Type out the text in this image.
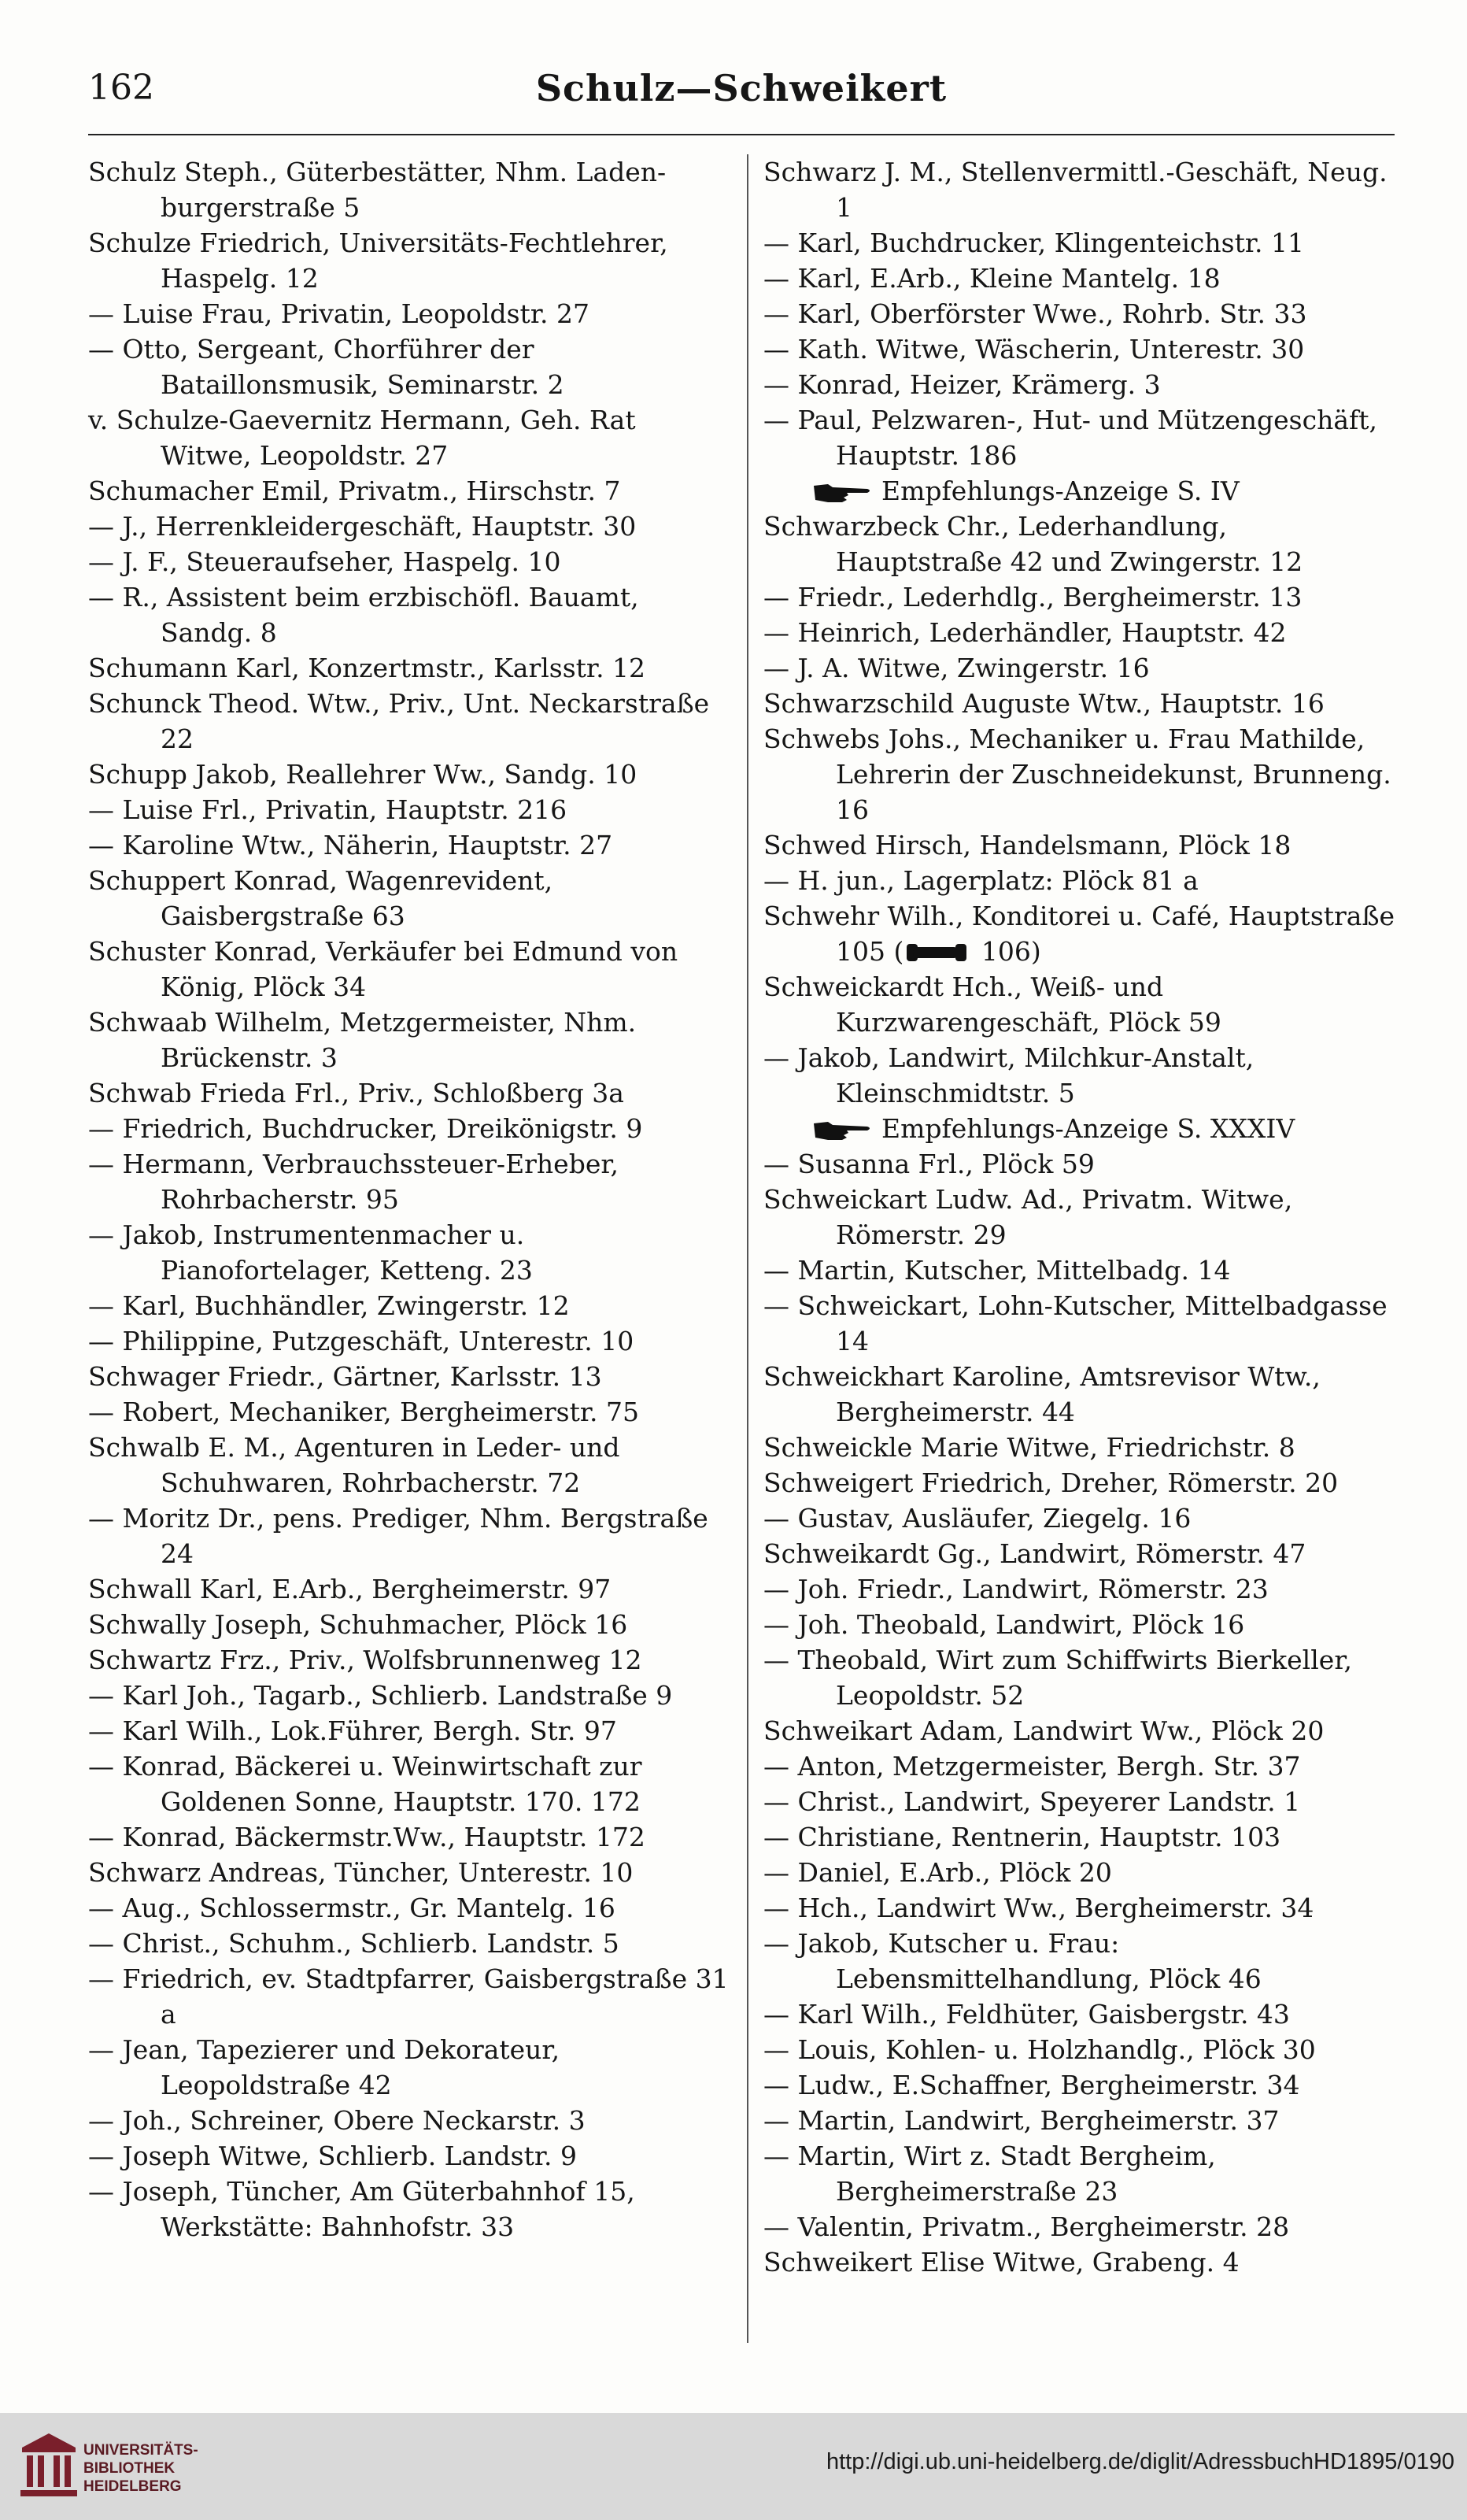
162	Schulz—Schweikert
Schulz Steph., Güterbestätter, Nhm. Laden-burgerstraße 5
Schulze Friedrich, Universitäts-Fechtlehrer, Haspelg. 12
— Luise Frau, Privatin, Leopoldstr. 27
— Otto, Sergeant, Chorführer der Bataillonsmusik, Seminarstr. 2
v. Schulze-Gaevernitz Hermann, Geh. Rat Witwe, Leopoldstr. 27
Schumacher Emil, Privatm., Hirschstr. 7
— J., Herrenkleidergeschäft, Hauptstr. 30
— J. F., Steueraufseher, Haspelg. 10
— R., Assistent beim erzbischöfl. Bauamt, Sandg. 8
Schumann Karl, Konzertmstr., Karlsstr. 12
Schunck Theod. Wtw., Priv., Unt. Neckarstraße 22
Schupp Jakob, Reallehrer Ww., Sandg. 10
— Luise Frl., Privatin, Hauptstr. 216
— Karoline Wtw., Näherin, Hauptstr. 27
Schuppert Konrad, Wagenrevident, Gaisbergstraße 63
Schuster Konrad, Verkäufer bei Edmund von König, Plöck 34
Schwaab Wilhelm, Metzgermeister, Nhm. Brückenstr. 3
Schwab Frieda Frl., Priv., Schloßberg 3a
— Friedrich, Buchdrucker, Dreikönigstr. 9
— Hermann, Verbrauchssteuer-Erheber, Rohrbacherstr. 95
— Jakob, Instrumentenmacher u. Pianofortelager, Ketteng. 23
— Karl, Buchhändler, Zwingerstr. 12
— Philippine, Putzgeschäft, Unterestr. 10
Schwager Friedr., Gärtner, Karlsstr. 13
— Robert, Mechaniker, Bergheimerstr. 75
Schwalb E. M., Agenturen in Leder- und Schuhwaren, Rohrbacherstr. 72
— Moritz Dr., pens. Prediger, Nhm. Bergstraße 24
Schwall Karl, E.Arb., Bergheimerstr. 97
Schwally Joseph, Schuhmacher, Plöck 16
Schwartz Frz., Priv., Wolfsbrunnenweg 12
— Karl Joh., Tagarb., Schlierb. Landstraße 9
— Karl Wilh., Lok.Führer, Bergh. Str. 97
— Konrad, Bäckerei u. Weinwirtschaft zur Goldenen Sonne, Hauptstr. 170. 172
— Konrad, Bäckermstr.Ww., Hauptstr. 172
Schwarz Andreas, Tüncher, Unterestr. 10
— Aug., Schlossermstr., Gr. Mantelg. 16
— Christ., Schuhm., Schlierb. Landstr. 5
— Friedrich, ev. Stadtpfarrer, Gaisbergstraße 31 a
— Jean, Tapezierer und Dekorateur, Leopoldstraße 42
— Joh., Schreiner, Obere Neckarstr. 3
— Joseph Witwe, Schlierb. Landstr. 9
— Joseph, Tüncher, Am Güterbahnhof 15, Werkstätte: Bahnhofstr. 33
Schwarz J. M., Stellenvermittl.-Geschäft, Neug. 1
— Karl, Buchdrucker, Klingenteichstr. 11
— Karl, E.Arb., Kleine Mantelg. 18
— Karl, Oberförster Wwe., Rohrb. Str. 33
— Kath. Witwe, Wäscherin, Unterestr. 30
— Konrad, Heizer, Krämerg. 3
— Paul, Pelzwaren-, Hut- und Mützengeschäft, Hauptstr. 186
Empfehlungs-Anzeige S. IV
Schwarzbeck Chr., Lederhandlung, Hauptstraße 42 und Zwingerstr. 12
— Friedr., Lederhdlg., Bergheimerstr. 13
— Heinrich, Lederhändler, Hauptstr. 42
— J. A. Witwe, Zwingerstr. 16
Schwarzschild Auguste Wtw., Hauptstr. 16
Schwebs Johs., Mechaniker u. Frau Mathilde, Lehrerin der Zuschneidekunst, Brunneng. 16
Schwed Hirsch, Handelsmann, Plöck 18
— H. jun., Lagerplatz: Plöck 81 a
Schwehr Wilh., Konditorei u. Café, Hauptstraße 105 (	106)
Schweickardt Hch., Weiß- und Kurzwarengeschäft, Plöck 59
— Jakob, Landwirt, Milchkur-Anstalt, Kleinschmidtstr. 5
Empfehlungs-Anzeige S. XXXIV
— Susanna Frl., Plöck 59
Schweickart Ludw. Ad., Privatm. Witwe, Römerstr. 29
— Martin, Kutscher, Mittelbadg. 14
— Schweickart, Lohn-Kutscher, Mittelbadgasse 14
Schweickhart Karoline, Amtsrevisor Wtw., Bergheimerstr. 44
Schweickle Marie Witwe, Friedrichstr. 8
Schweigert Friedrich, Dreher, Römerstr. 20
— Gustav, Ausläufer, Ziegelg. 16
Schweikardt Gg., Landwirt, Römerstr. 47
— Joh. Friedr., Landwirt, Römerstr. 23
— Joh. Theobald, Landwirt, Plöck 16
— Theobald, Wirt zum Schiffwirts Bierkeller, Leopoldstr. 52
Schweikart Adam, Landwirt Ww., Plöck 20
— Anton, Metzgermeister, Bergh. Str. 37
— Christ., Landwirt, Speyerer Landstr. 1
— Christiane, Rentnerin, Hauptstr. 103
— Daniel, E.Arb., Plöck 20
— Hch., Landwirt Ww., Bergheimerstr. 34
— Jakob, Kutscher u. Frau: Lebensmittelhandlung, Plöck 46
— Karl Wilh., Feldhüter, Gaisbergstr. 43
— Louis, Kohlen- u. Holzhandlg., Plöck 30
— Ludw., E.Schaffner, Bergheimerstr. 34
— Martin, Landwirt, Bergheimerstr. 37
— Martin, Wirt z. Stadt Bergheim, Bergheimerstraße 23
— Valentin, Privatm., Bergheimerstr. 28
Schweikert Elise Witwe, Grabeng. 4
UNIVERSITÄTS-
BIBLIOTHEK
HEIDELBERG
http://digi.ub.uni-heidelberg.de/diglit/AdressbuchHD1895/0190
